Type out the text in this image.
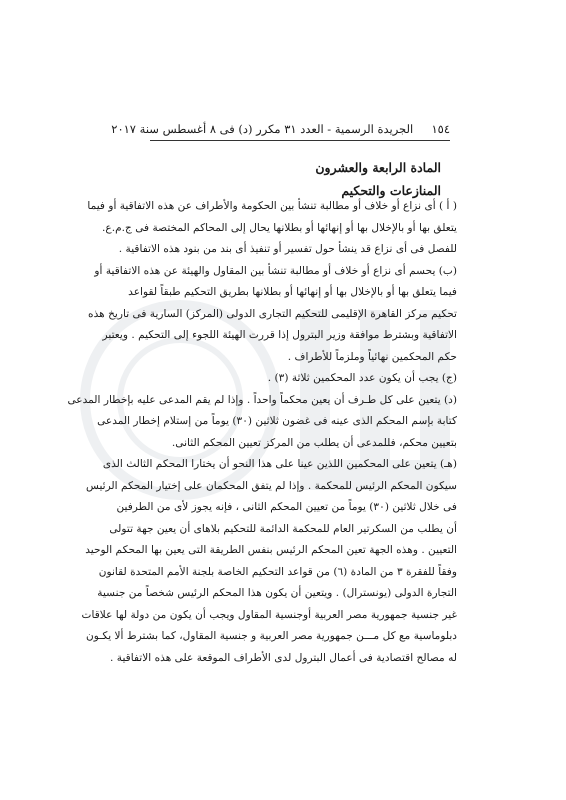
١٥٤     الجريدة الرسمية - العدد ٣١ مكرر (د) فى ٨ أغسطس سنة ٢٠١٧
المادة الرابعة والعشرون
المنازعات والتحكيم
( أ ) أى نزاع أو خلاف أو مطالبة تنشأ بين الحكومة والأطراف عن هذه الاتفاقية أو فيما
يتعلق بها أو بالإخلال بها أو إنهائها أو بطلانها يحال إلى المحاكم المختصة فى ج.م.ع.
للفصل فى أى نزاع قد ينشأ حول تفسير أو تنفيذ أى بند من بنود هذه الاتفاقية .
(ب) يحسم أى نزاع أو خلاف أو مطالبة تنشأ بين المقاول والهيئة عن هذه الاتفاقية أو
فيما يتعلق بها أو بالإخلال بها أو إنهائها أو بطلانها بطريق التحكيم طبقاً لقواعد
تحكيم مركز القاهرة الإقليمى للتحكيم التجارى الدولى (المركز) السارية فى تاريخ هذه
الاتفاقية وبشترط موافقة وزير البترول إذا قررت الهيئة اللجوء إلى التحكيم . ويعتبر
حكم المحكمين نهائياً وملزماً للأطراف .
(ج) يجب أن يكون عدد المحكمين ثلاثة (٣) .
(د) يتعين على كل طـرف أن يعين محكماً واحداً . وإذا لم يقم المدعى عليه بإخطار المدعى
كتابة بإسم المحكم الذى عينه فى غضون ثلاثين (٣٠) يوماً من إستلام إخطار المدعى
بتعيين محكم، فللمدعى أن يطلب من المركز تعيين المحكم الثانى.
(هـ) يتعين على المحكمين اللذين عينا على هذا النحو أن يختارا المحكم الثالث الذى
سيكون المحكم الرئيس للمحكمة . وإذا لم يتفق المحكمان على إختيار المحكم الرئيس
فى خلال ثلاثين (٣٠) يوماً من تعيين المحكم الثانى ، فإنه يجوز لأى من الطرفين
أن يطلب من السكرتير العام للمحكمة الدائمة للتحكيم بلاهاى أن يعين جهة تتولى
التعيين . وهذه الجهة تعين المحكم الرئيس بنفس الطريقة التى يعين بها المحكم الوحيد
وفقاً للفقرة ٣ من المادة (٦) من قواعد التحكيم الخاصة بلجنة الأمم المتحدة لقانون
التجارة الدولى (يونسترال) . ويتعين أن يكون هذا المحكم الرئيس شخصاً من جنسية
غير جنسية جمهورية مصر العربية أوجنسية المقاول ويجب أن يكون من دولة لها علاقات
دبلوماسية مع كل مـــن جمهورية مصر العربية و جنسية المقاول، كما بشترط ألا يكـون
له مصالح اقتصادية فى أعمال البترول لدى الأطراف الموقعة على هذه الاتفاقية .
